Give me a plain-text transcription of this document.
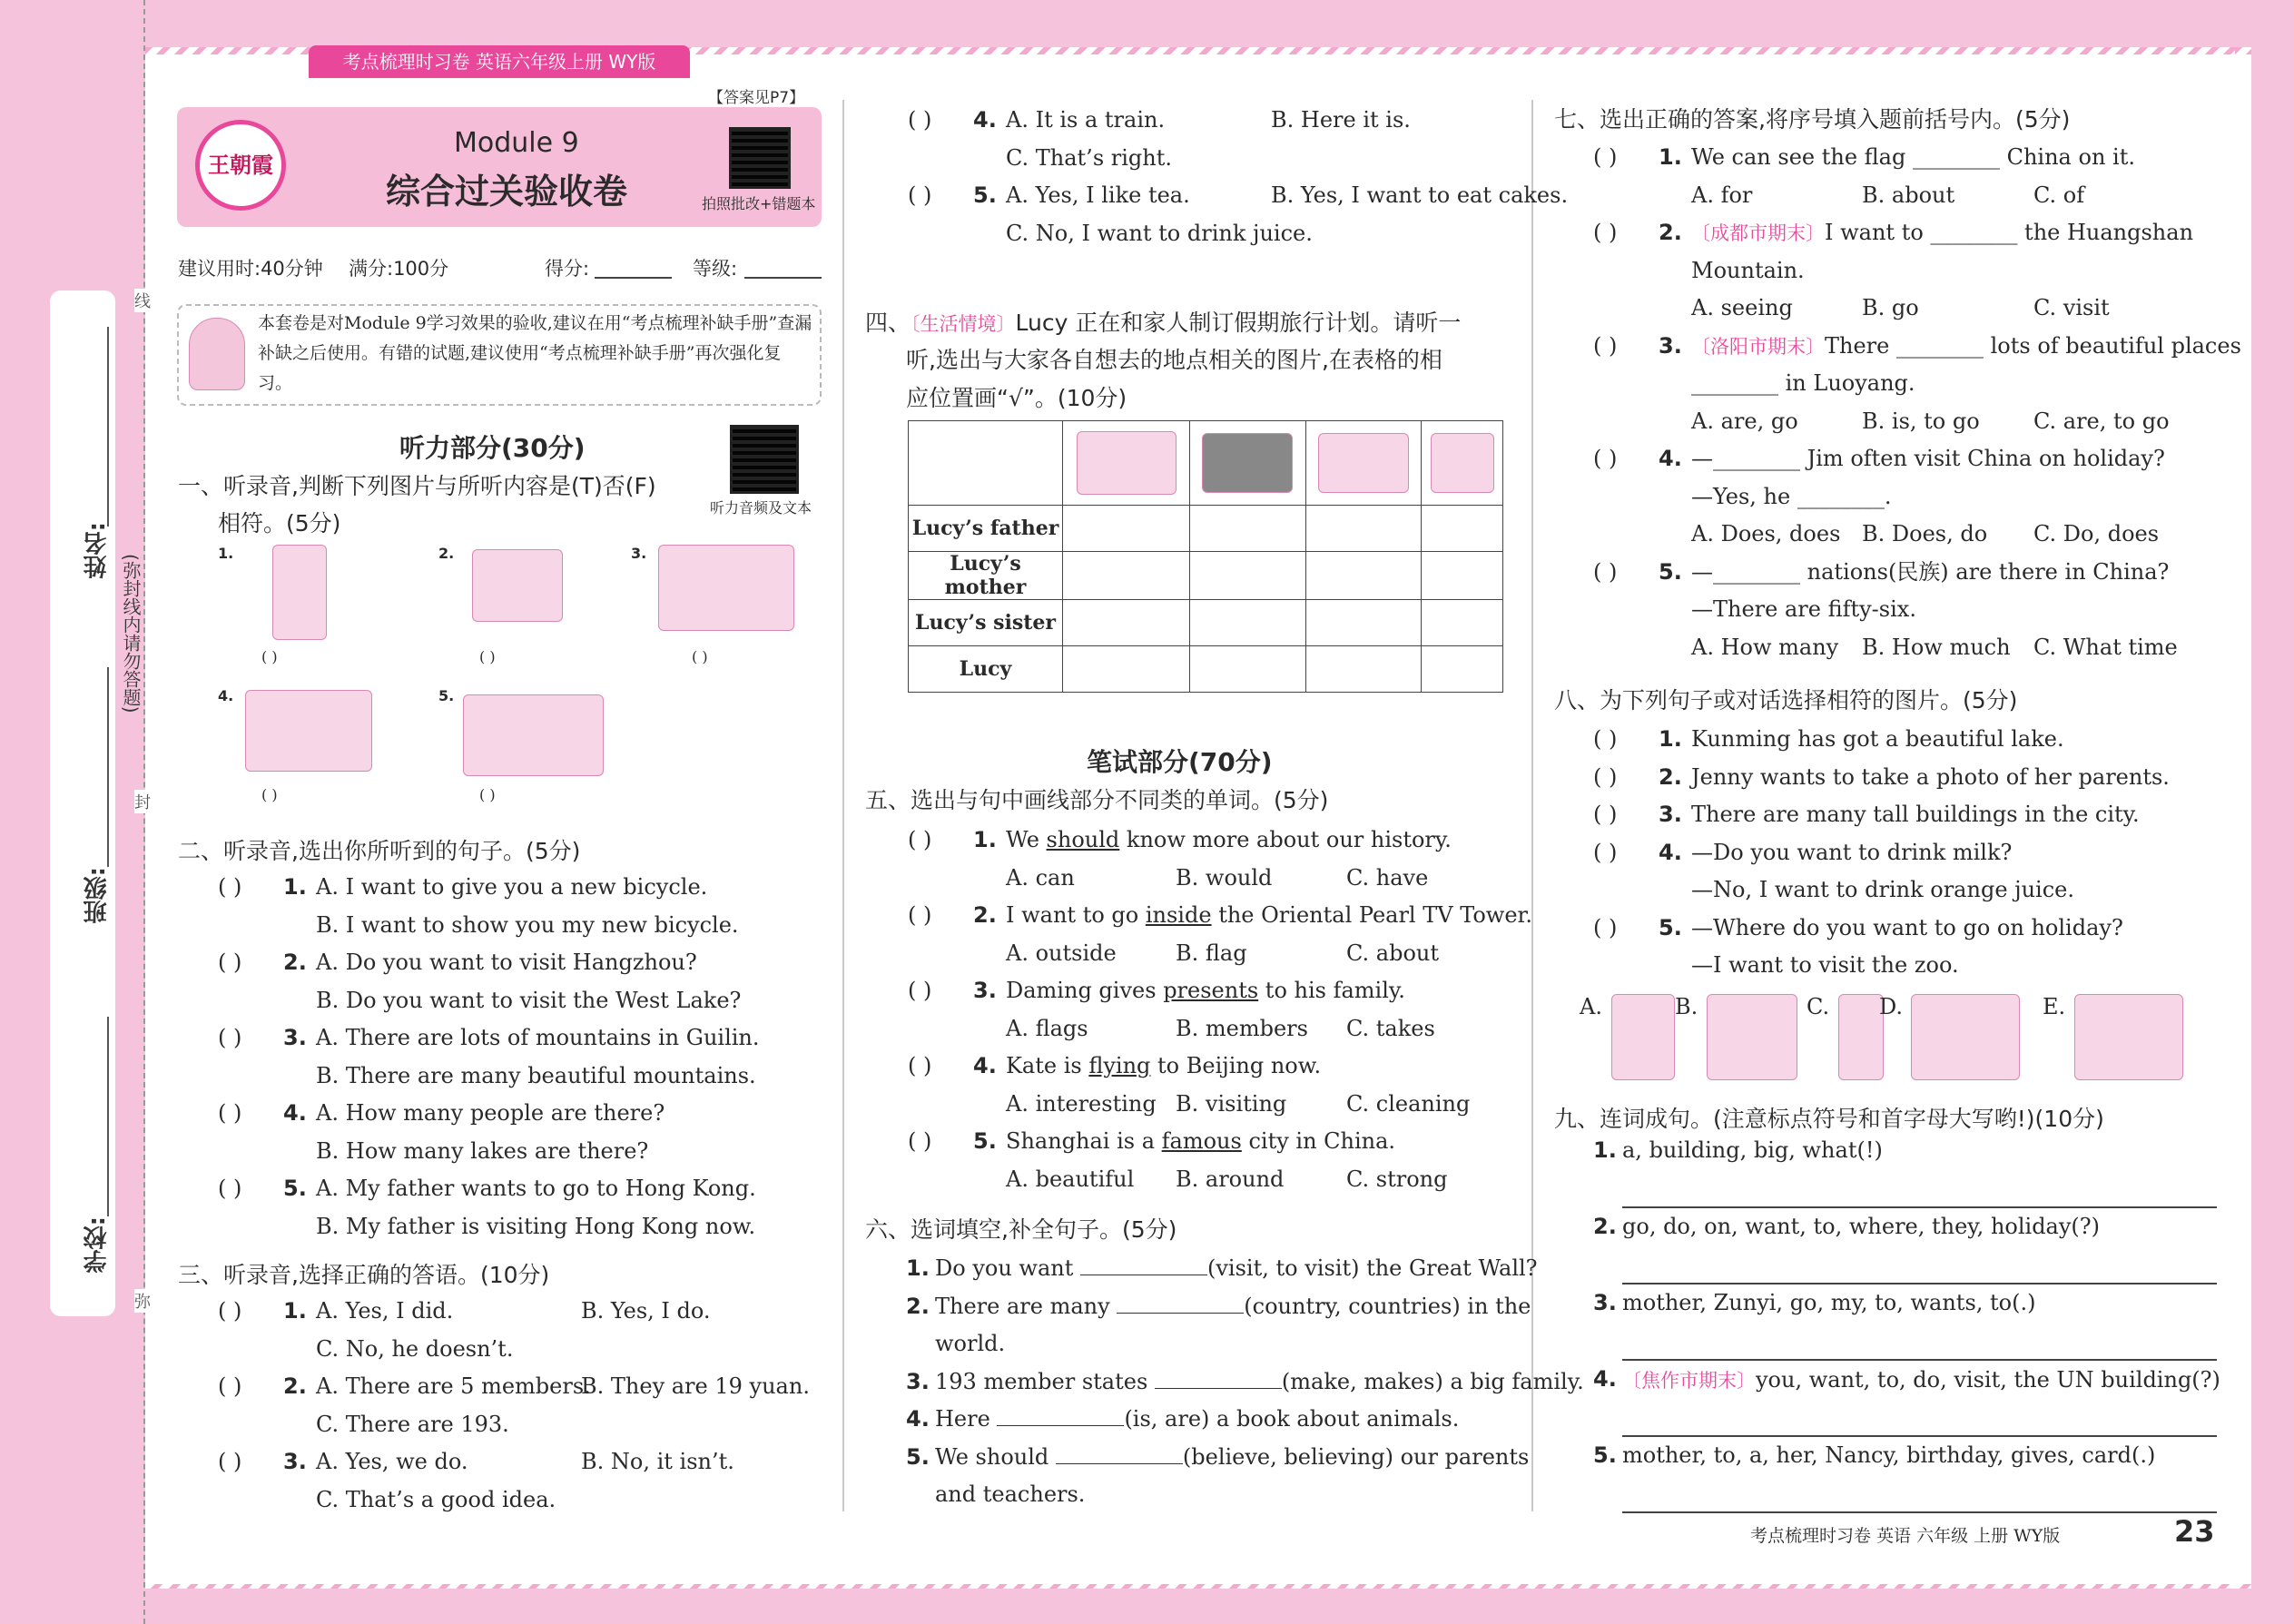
线
封
弥
(弥封线内请勿答题)
姓名:
班级:
学校:
考点梳理时习卷 英语六年级上册 WY版
王朝霞
Module 9
综合过关验收卷
【答案见P7】
拍照批改+错题本
建议用时:40分钟 满分:100分	得分:	等级:
本套卷是对Module 9学习效果的验收,建议在用“考点梳理补缺手册”查漏补缺之后使用。有错的试题,建议使用“考点梳理补缺手册”再次强化复习。
听力部分(30分)
听力音频及文本
一、听录音,判断下列图片与所听内容是(T)否(F)
相符。(5分)
1.
( )
2.
( )
3.
( )
4.
( )
5.
( )
二、听录音,选出你所听到的句子。(5分)
( ) 1. A. I want to give you a new bicycle.
B. I want to show you my new bicycle.
( ) 2. A. Do you want to visit Hangzhou?
B. Do you want to visit the West Lake?
( ) 3. A. There are lots of mountains in Guilin.
B. There are many beautiful mountains.
( ) 4. A. How many people are there?
B. How many lakes are there?
( ) 5. A. My father wants to go to Hong Kong.
B. My father is visiting Hong Kong now.
三、听录音,选择正确的答语。(10分)
( ) 1. A. Yes, I did.	B. Yes, I do.
C. No, he doesn’t.
( ) 2. A. There are 5 members.
B. They are 19 yuan.
C. There are 193.
( ) 3. A. Yes, we do.	B. No, it isn’t.
C. That’s a good idea.
( ) 4. A. It is a train.	B. Here it is.
C. That’s right.
( ) 5. A. Yes, I like tea.	B. Yes, I want to eat cakes.
C. No, I want to drink juice.
四、〔生活情境〕Lucy 正在和家人制订假期旅行计划。请听一
听,选出与大家各自想去的地点相关的图片,在表格的相
应位置画“√”。(10分)

Lucy’s father				
Lucy’s mother				
Lucy’s sister				
Lucy				
笔试部分(70分)
五、选出与句中画线部分不同类的单词。(5分)
( ) 1. We should know more about our history.
A. can	B. would	C. have
( ) 2. I want to go inside the Oriental Pearl TV Tower.
A. outside	B. flag	C. about
( ) 3. Daming gives presents to his family.
A. flags	B. members C. takes
( ) 4. Kate is flying to Beijing now.
A. interesting B. visiting	C. cleaning
( ) 5. Shanghai is a famous city in China.
A. beautiful B. around	C. strong
六、选词填空,补全句子。(5分)
1. Do you want	(visit, to visit) the Great Wall?
2. There are many	(country, countries) in the
world.
3. 193 member states	(make, makes) a big family.
4. Here	(is, are) a book about animals.
5. We should	(believe, believing) our parents
and teachers.
七、选出正确的答案,将序号填入题前括号内。(5分)
( ) 1. We can see the flag ________ China on it.
A. for	B. about	C. of
( ) 2. 〔成都市期末〕I want to ________ the Huangshan
Mountain.
A. seeing	B. go	C. visit
( ) 3. 〔洛阳市期末〕There ________ lots of beautiful places
________ in Luoyang.
A. are, go	B. is, to go C. are, to go
( ) 4. —________ Jim often visit China on holiday?
—Yes, he ________.
A. Does, does B. Does, do C. Do, does
( ) 5. —________ nations(民族) are there in China?
—There are fifty-six.
A. How many B. How much C. What time
八、为下列句子或对话选择相符的图片。(5分)
( ) 1. Kunming has got a beautiful lake.
( ) 2. Jenny wants to take a photo of her parents.
( ) 3. There are many tall buildings in the city.
( ) 4. —Do you want to drink milk?
—No, I want to drink orange juice.
( ) 5. —Where do you want to go on holiday?
—I want to visit the zoo.
A.	B.	C. D.	E.
九、连词成句。(注意标点符号和首字母大写哟!)(10分)
1. a, building, big, what(!)
2. go, do, on, want, to, where, they, holiday(?)
3. mother, Zunyi, go, my, to, wants, to(.)
4. 〔焦作市期末〕you, want, to, do, visit, the UN building(?)
5. mother, to, a, her, Nancy, birthday, gives, card(.)
考点梳理时习卷 英语 六年级 上册 WY版	23
